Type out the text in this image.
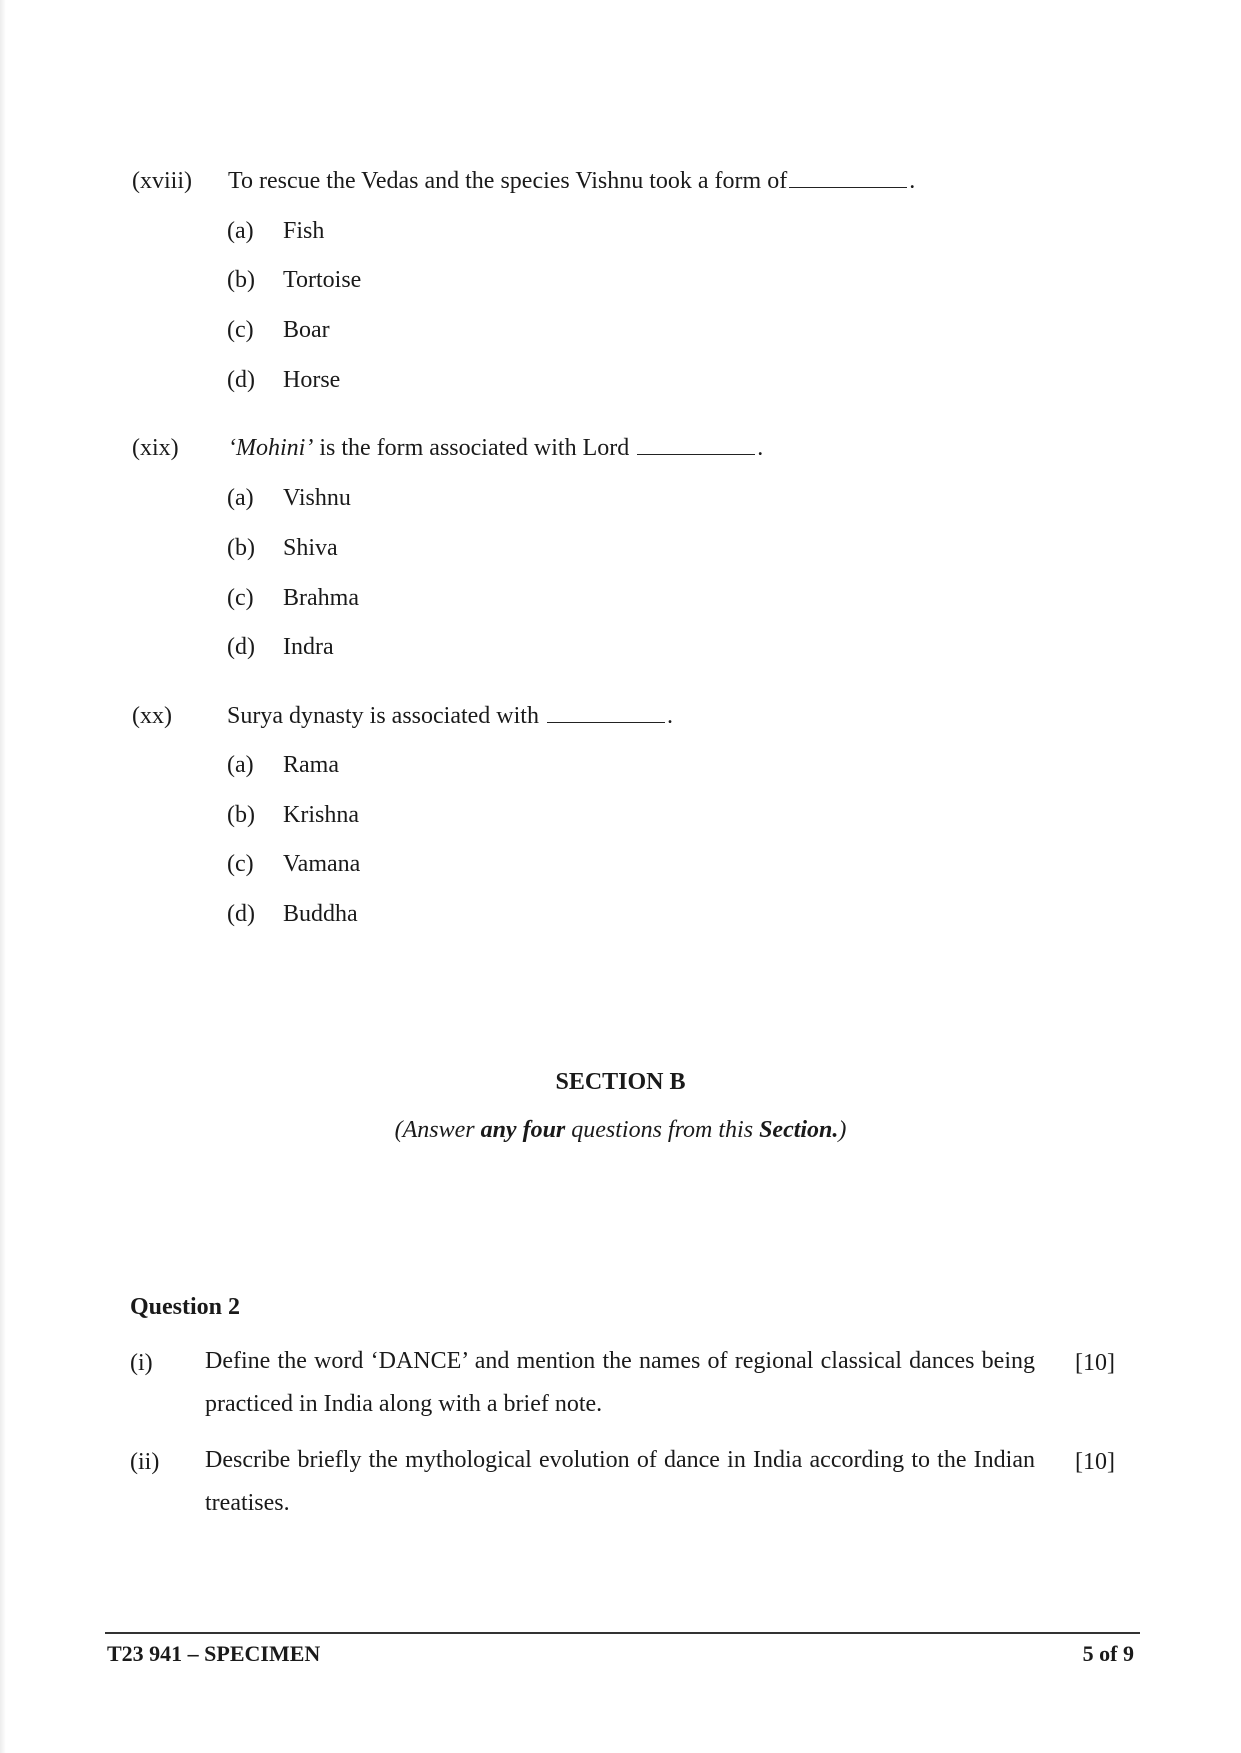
(xviii) To rescue the Vedas and the species Vishnu took a form of	.
(a) Fish
(b) Tortoise
(c) Boar
(d) Horse
(xix) ‘Mohini’ is the form associated with Lord	.
(a) Vishnu
(b) Shiva
(c) Brahma
(d) Indra
(xx) Surya dynasty is associated with	.
(a) Rama
(b) Krishna
(c) Vamana
(d) Buddha
SECTION B
(Answer any four questions from this Section.)
Question 2
(i) Define the word ‘DANCE’ and mention the names of regional classical dances being practiced in India along with a brief note.
[10]
(ii) Describe briefly the mythological evolution of dance in India according to the Indian treatises.
[10]
T23 941 – SPECIMEN	5 of 9
